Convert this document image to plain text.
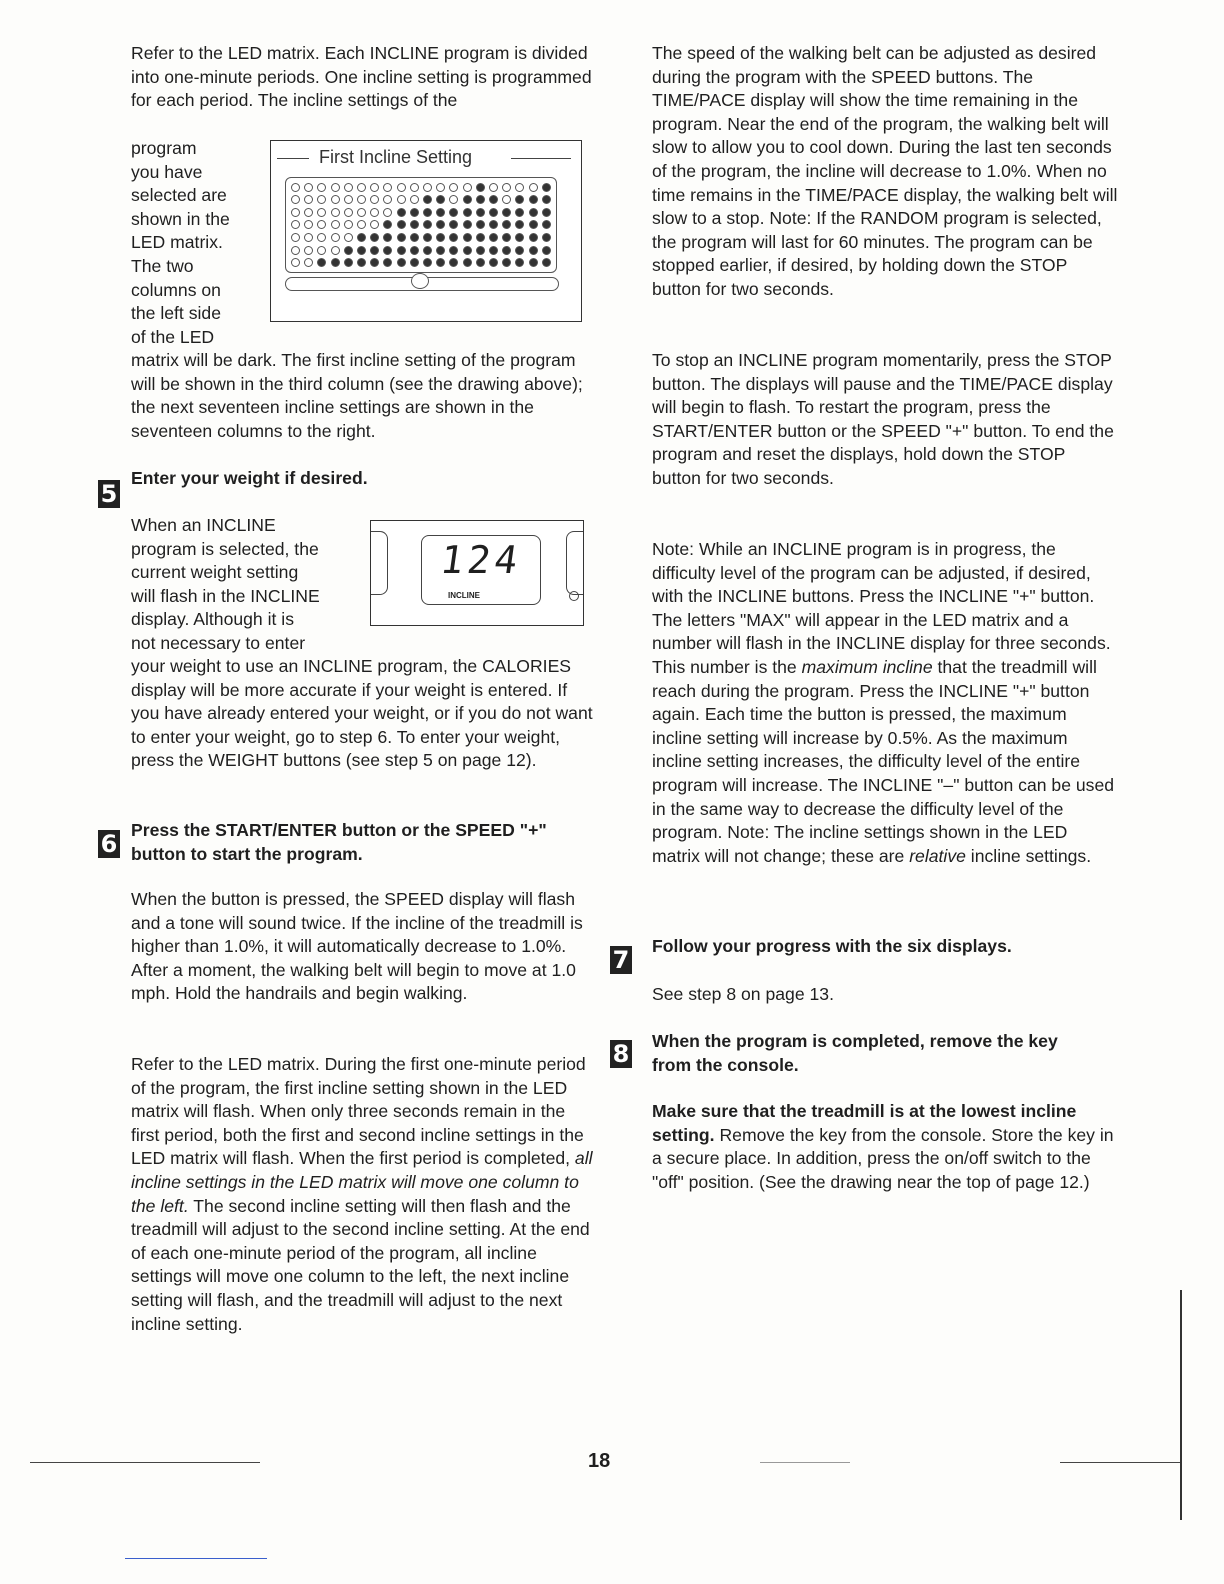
Refer to the LED matrix. Each INCLINE program is divided into one-minute periods. One incline setting is programmed for each period. The incline settings of the

program
you have
selected are
shown in the
LED matrix.
The two
columns on
the left side
of the LED
First Incline Setting

matrix will be dark. The first incline setting of the program will be shown in the third column (see the drawing above); the next seventeen incline settings are shown in the seventeen columns to the right.

5

Enter your weight if desired.

When an INCLINE
program is selected, the
current weight setting
will flash in the INCLINE
display. Although it is
not necessary to enter
124
INCLINE

your weight to use an INCLINE program, the CALORIES display will be more accurate if your weight is entered. If you have already entered your weight, or if you do not want to enter your weight, go to step 6. To enter your weight, press the WEIGHT buttons (see step 5 on page 12).

6 Press the START/ENTER button or the SPEED "+" button to start the program.

When the button is pressed, the SPEED display will flash and a tone will sound twice. If the incline of the treadmill is higher than 1.0%, it will automatically decrease to 1.0%. After a moment, the walking belt will begin to move at 1.0 mph. Hold the handrails and begin walking.

Refer to the LED matrix. During the first one-minute period of the program, the first incline setting shown in the LED matrix will flash. When only three seconds remain in the first period, both the first and second incline settings in the LED matrix will flash. When the first period is completed, all incline settings in the LED matrix will move one column to the left. The second incline setting will then flash and the treadmill will adjust to the second incline setting. At the end of each one-minute period of the program, all incline settings will move one column to the left, the next incline setting will flash, and the treadmill will adjust to the next incline setting.

The speed of the walking belt can be adjusted as desired during the program with the SPEED buttons. The TIME/PACE display will show the time remaining in the program. Near the end of the program, the walking belt will slow to allow you to cool down. During the last ten seconds of the program, the incline will decrease to 1.0%. When no time remains in the TIME/PACE display, the walking belt will slow to a stop. Note: If the RANDOM program is selected, the program will last for 60 minutes. The program can be stopped earlier, if desired, by holding down the STOP button for two seconds.

To stop an INCLINE program momentarily, press the STOP button. The displays will pause and the TIME/PACE display will begin to flash. To restart the program, press the START/ENTER button or the SPEED "+" button. To end the program and reset the displays, hold down the STOP button for two seconds.

Note: While an INCLINE program is in progress, the difficulty level of the program can be adjusted, if desired, with the INCLINE buttons. Press the INCLINE "+" button. The letters "MAX" will appear in the LED matrix and a number will flash in the INCLINE display for three seconds. This number is the maximum incline that the treadmill will reach during the program. Press the INCLINE "+" button again. Each time the button is pressed, the maximum incline setting will increase by 0.5%. As the maximum incline setting increases, the difficulty level of the entire program will increase. The INCLINE "–" button can be used in the same way to decrease the difficulty level of the program. Note: The incline settings shown in the LED matrix will not change; these are relative incline settings.

7 Follow your progress with the six displays.

See step 8 on page 13.

8 When the program is completed, remove the key from the console.

Make sure that the treadmill is at the lowest incline setting. Remove the key from the console. Store the key in a secure place. In addition, press the on/off switch to the "off" position. (See the drawing near the top of page 12.)

18
